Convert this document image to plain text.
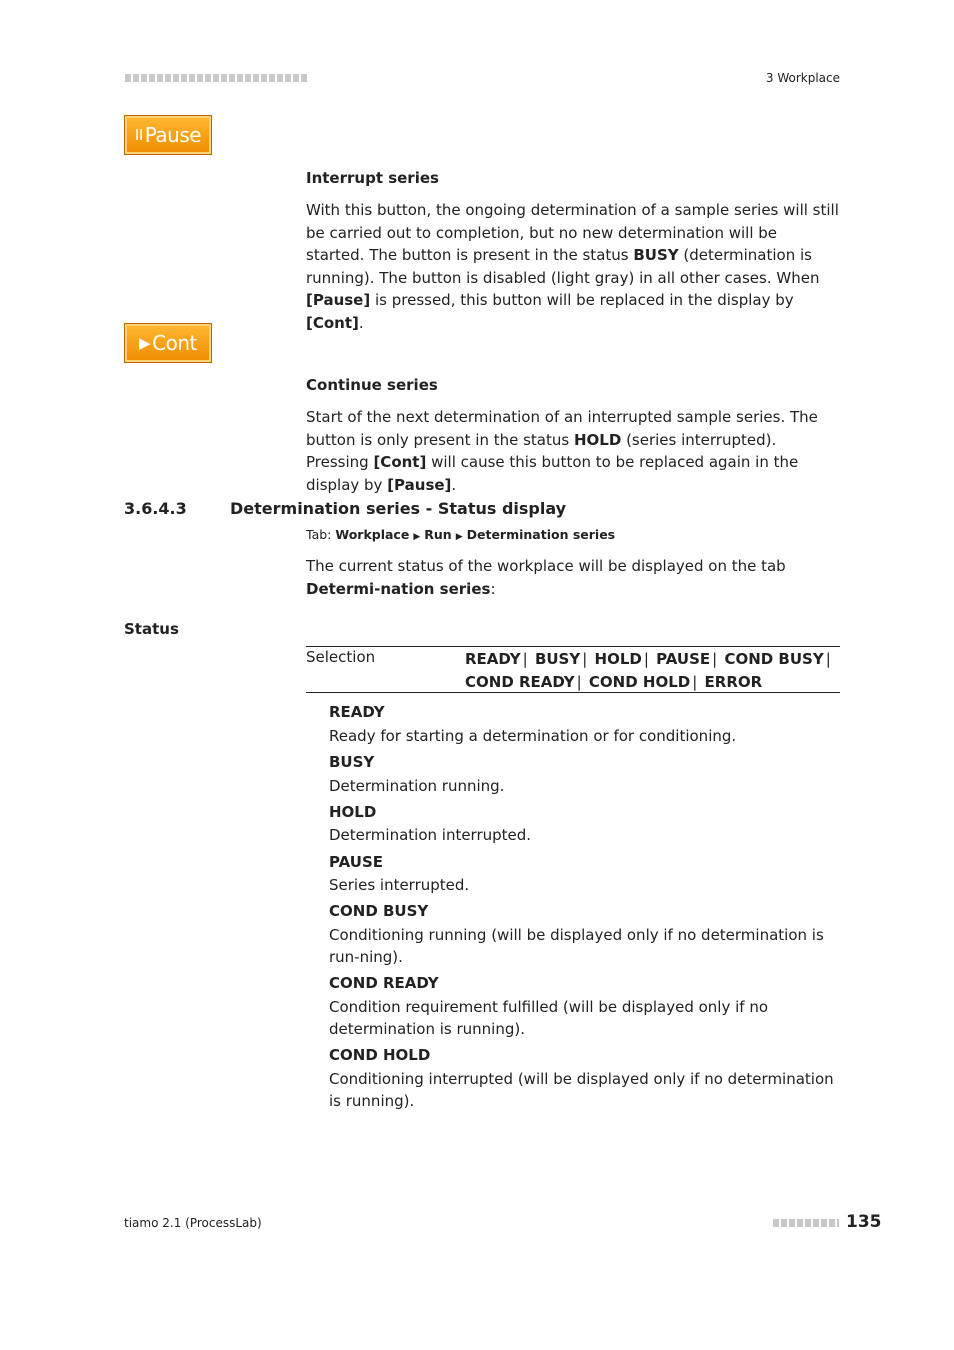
3 Workplace
II Pause
Interrupt series
With this button, the ongoing determination of a sample series will still be carried out to completion, but no new determination will be started. The button is present in the status BUSY (determination is running). The button is disabled (light gray) in all other cases. When [Pause] is pressed, this button will be replaced in the display by [Cont].
▶ Cont
Continue series
Start of the next determination of an interrupted sample series. The button is only present in the status HOLD (series interrupted). Pressing [Cont] will cause this button to be replaced again in the display by [Pause].
3.6.4.3	Determination series - Status display
Tab: Workplace ▶ Run ▶ Determination series
The current status of the workplace will be displayed on the tab Determi-nation series:
Status
Selection	READY | BUSY | HOLD | PAUSE | COND BUSY |
COND READY | COND HOLD | ERROR
READY
Ready for starting a determination or for conditioning.
BUSY
Determination running.
HOLD
Determination interrupted.
PAUSE
Series interrupted.
COND BUSY
Conditioning running (will be displayed only if no determination is run-ning).
COND READY
Condition requirement fulfilled (will be displayed only if no determination is running).
COND HOLD
Conditioning interrupted (will be displayed only if no determination is running).
tiamo 2.1 (ProcessLab)	135
